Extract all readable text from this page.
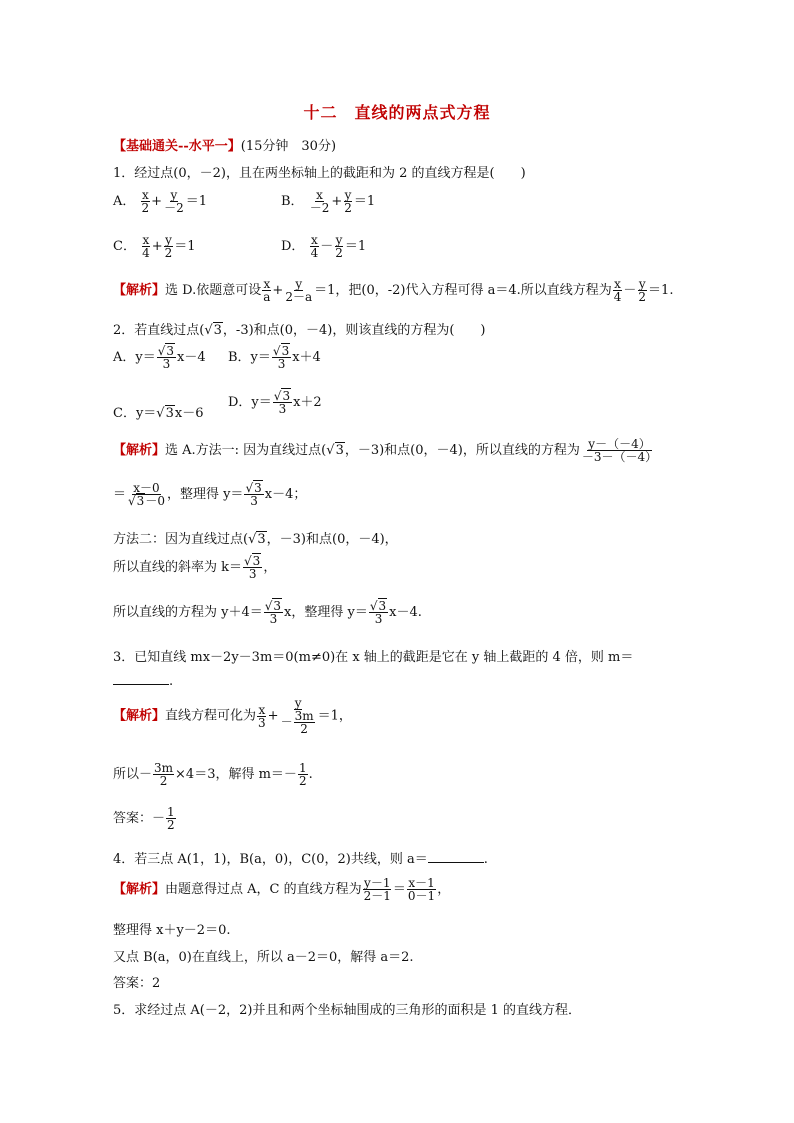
十二　直线的两点式方程
【基础通关--水平一】(15分钟　30分)
1．经过点(0，－2)，且在两坐标轴上的截距和为 2 的直线方程是(　　)
A． $\frac{x}{2} + \frac{y}{-2} =1$	B． $\frac{x}{-2} + \frac{y}{2} =1$
C． $\frac{x}{4} + \frac{y}{2} =1$	D． $\frac{x}{4} - \frac{y}{2} =1$
【解析】选 D.依题意可设 $\frac{x}{a} + \frac{y}{2-a} =1$，把(0，-2)代入方程可得 a＝4.所以直线方程为 $\frac{x}{4} - \frac{y}{2} =1$.
2．若直线过点(√3，-3)和点(0，－4)，则该直线的方程为(　　)
A．$y= \frac{√3}{3} x-4$ B．$y= \frac{√3}{3} x+4$
C．y＝√3x－6
D．$y= \frac{√3}{3} x+2$
【解析】选 A.方法一: 因为直线过点(√3，－3)和点(0，－4)，所以直线的方程为 $\frac{y-(-4)}{-3-(-4)}$
＝ $\frac{x-0}{√3-0}$ ，整理得 $y= \frac{√3}{3} x-4$；
方法二：因为直线过点(√3，－3)和点(0，－4)，
所以直线的斜率为 $k= \frac{√3}{3}$ ，
所以直线的方程为 $y+4= \frac{√3}{3}$ x，整理得 $y= \frac{√3}{3} x-4$.
3．已知直线 mx－2y－3m＝0(m≠0)在 x 轴上的截距是它在 y 轴上截距的 4 倍，则 m＝
.
【解析】直线方程可化为 $\frac{x}{3} + \frac{y}{- \frac{3m}{2}} =1$，
所以－ $\frac{3m}{2} \times 4=3$，解得 $m=- \frac{1}{2}$ .
答案：－ $\frac{1}{2}$
4．若三点 A(1，1)，B(a，0)，C(0，2)共线，则 a＝	.
【解析】由题意得过点 A，C 的直线方程为 $\frac{y-1}{2-1} = \frac{x-1}{0-1}$ ，
整理得 x＋y－2＝0.
又点 B(a，0)在直线上，所以 a－2＝0，解得 a＝2.
答案：2
5．求经过点 A(－2，2)并且和两个坐标轴围成的三角形的面积是 1 的直线方程．
